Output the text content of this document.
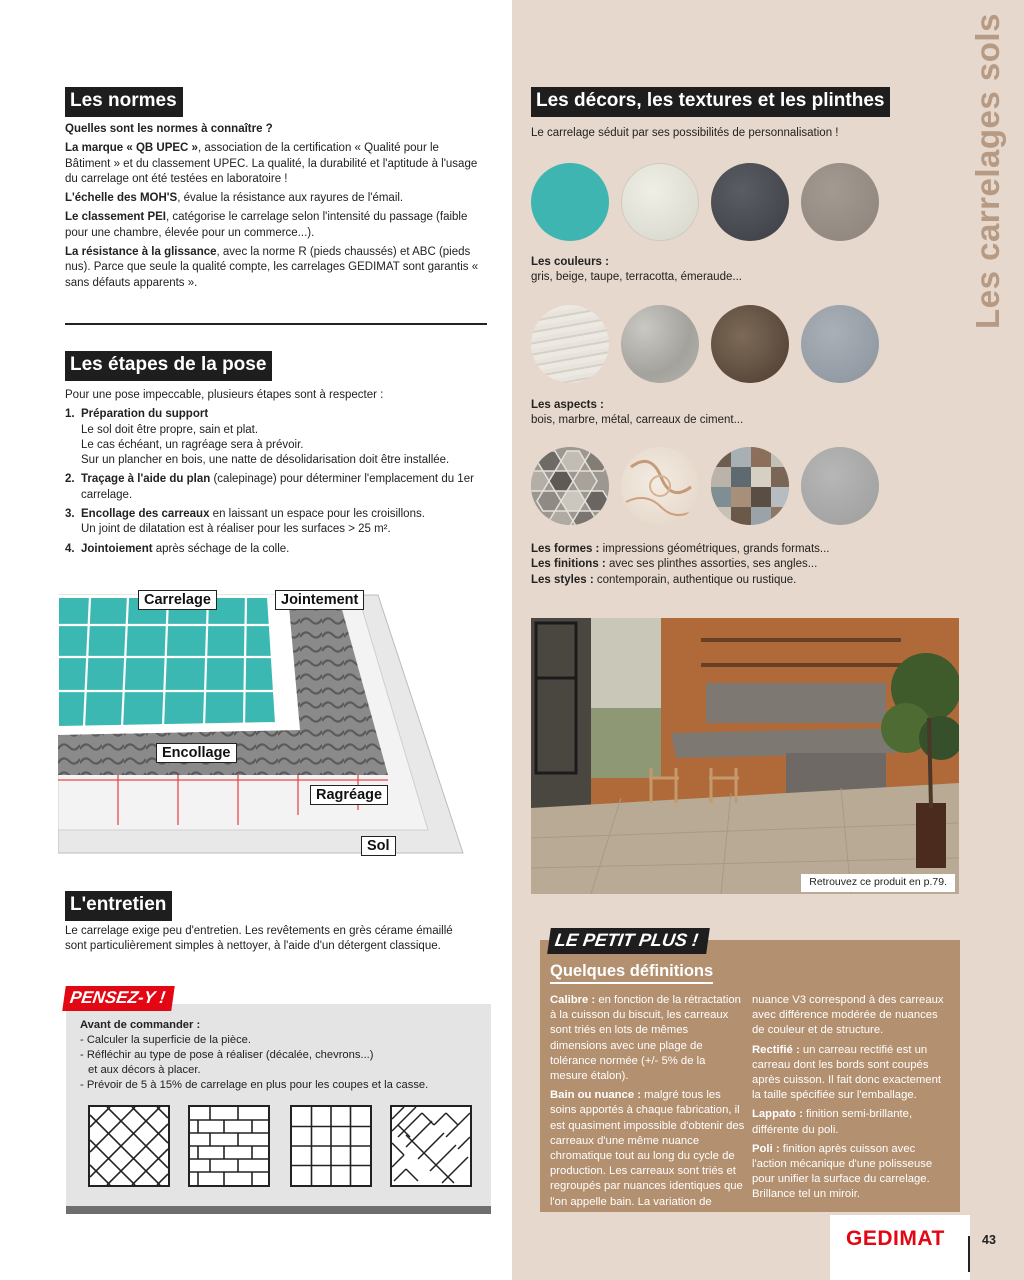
Les carrelages sols
Les normes
Quelles sont les normes à connaître ?
La marque « QB UPEC », association de la certification « Qualité pour le Bâtiment » et du classement UPEC. La qualité, la durabilité et l'aptitude à l'usage du carrelage ont été testées en laboratoire !
L'échelle des MOH'S, évalue la résistance aux rayures de l'émail.
Le classement PEI, catégorise le carrelage selon l'intensité du passage (faible pour une chambre, élevée pour un commerce...).
La résistance à la glissance, avec la norme R (pieds chaussés) et ABC (pieds nus). Parce que seule la qualité compte, les carrelages GEDIMAT sont garantis « sans défauts apparents ».
Les étapes de la pose
Pour une pose impeccable, plusieurs étapes sont à respecter :
1. Préparation du support
Le sol doit être propre, sain et plat.
Le cas échéant, un ragréage sera à prévoir.
Sur un plancher en bois, une natte de désolidarisation doit être installée.
2. Traçage à l'aide du plan (calepinage) pour déterminer l'emplacement du 1er carrelage.
3. Encollage des carreaux en laissant un espace pour les croisillons.
Un joint de dilatation est à réaliser pour les surfaces > 25 m².
4. Jointoiement après séchage de la colle.
Carrelage	Jointement
Encollage
Ragréage
Sol
L'entretien
Le carrelage exige peu d'entretien. Les revêtements en grès cérame émaillé sont particulièrement simples à nettoyer, à l'aide d'un détergent classique.
Avant de commander :
- Calculer la superficie de la pièce.
- Réfléchir au type de pose à réaliser (décalée, chevrons...)
et aux décors à placer.
- Prévoir de 5 à 15% de carrelage en plus pour les coupes et la casse.
PENSEZ-Y !
Les décors, les textures et les plinthes
Le carrelage séduit par ses possibilités de personnalisation !
Les couleurs :
gris, beige, taupe, terracotta, émeraude...
Les aspects :
bois, marbre, métal, carreaux de ciment...
Les formes : impressions géométriques, grands formats...
Les finitions : avec ses plinthes assorties, ses angles...
Les styles : contemporain, authentique ou rustique.
Retrouvez ce produit en p.79.
Quelques définitions
Calibre : en fonction de la rétractation à la cuisson du biscuit, les carreaux sont triés en lots de mêmes dimensions avec une plage de tolérance normée (+/- 5% de la mesure étalon).
Bain ou nuance : malgré tous les soins apportés à chaque fabrication, il est quasiment impossible d'obtenir des carreaux d'une même nuance chromatique tout au long du cycle de production. Les carreaux sont triés et regroupés par nuances identiques que l'on appelle bain. La variation de
nuance V3 correspond à des carreaux avec différence modérée de nuances de couleur et de structure.
Rectifié : un carreau rectifié est un carreau dont les bords sont coupés après cuisson. Il fait donc exactement la taille spécifiée sur l'emballage.
Lappato : finition semi-brillante, différente du poli.
Poli : finition après cuisson avec l'action mécanique d'une polisseuse pour unifier la surface du carrelage. Brillance tel un miroir.
LE PETIT PLUS !
GEDIMAT	43
